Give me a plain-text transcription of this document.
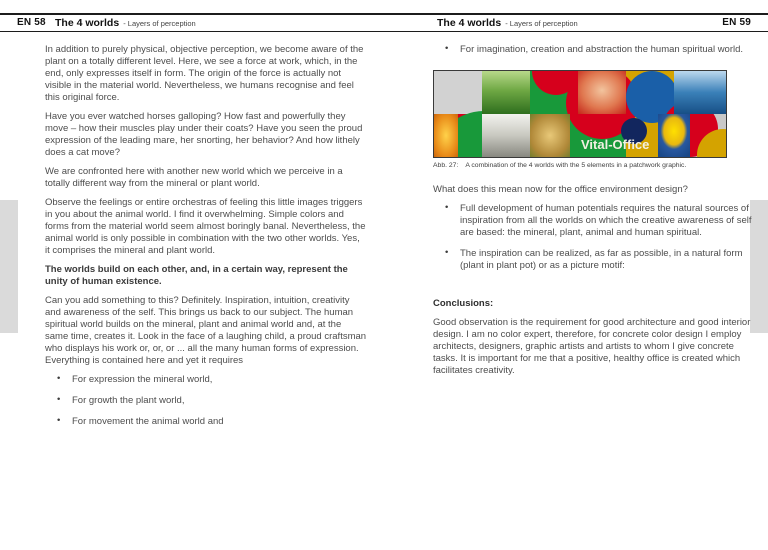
EN 58 The 4 worlds - Layers of perception	The 4 worlds - Layers of perception	EN 59

In addition to purely physical, objective perception, we become aware of the plant on a totally different level. Here, we see a force at work, which, in the end, only expresses itself in form. The origin of the force is actually not visible in the material world. Nevertheless, we humans recognise and feel this original force.

Have you ever watched horses galloping? How fast and powerfully they move – how their muscles play under their coats? Have you seen the proud expression of the leading mare, her snorting, her behavior? And how lithely does a cat move?

We are confronted here with another new world which we perceive in a totally different way from the mineral or plant world.

Observe the feelings or entire orchestras of feeling this little images triggers in you about the animal world. I find it overwhelming. Simple colors and forms from the material world seem almost boringly banal. Nevertheless, the animal world is only possible in combination with the two other worlds. Yes, it comprises the mineral and plant world.

The worlds build on each other, and, in a certain way, represent the unity of human existence.

Can you add something to this? Definitely. Inspiration, intuition, creativity and awareness of the self. This brings us back to our subject. The human spiritual world builds on the mineral, plant and animal world and, at the same time, creates it. Look in the face of a laughing child, a proud craftsman who displays his work or, or, or ... all the many human forms of expression. Everything is contained here and yet it requires

• For expression the mineral world,
• For growth the plant world,
• For movement the animal world and
• For imagination, creation and abstraction the human spiritual world.
Vital-Office
Abb. 27: A combination of the 4 worlds with the 5 elements in a patchwork graphic.

What does this mean now for the office environment design?

• Full development of human potentials requires the natural sources of inspiration from all the worlds on which the creative awareness of self are based: the mineral, plant, animal and human spiritual.
• The inspiration can be realized, as far as possible, in a natural form (plant in plant pot) or as a picture motif:

Conclusions:

Good observation is the requirement for good architecture and good interior design. I am no color expert, therefore, for concrete color design I employ architects, designers, graphic artists and artists to whom I give concrete tasks. It is important for me that a positive, healthy office is created which facilitates creativity.
